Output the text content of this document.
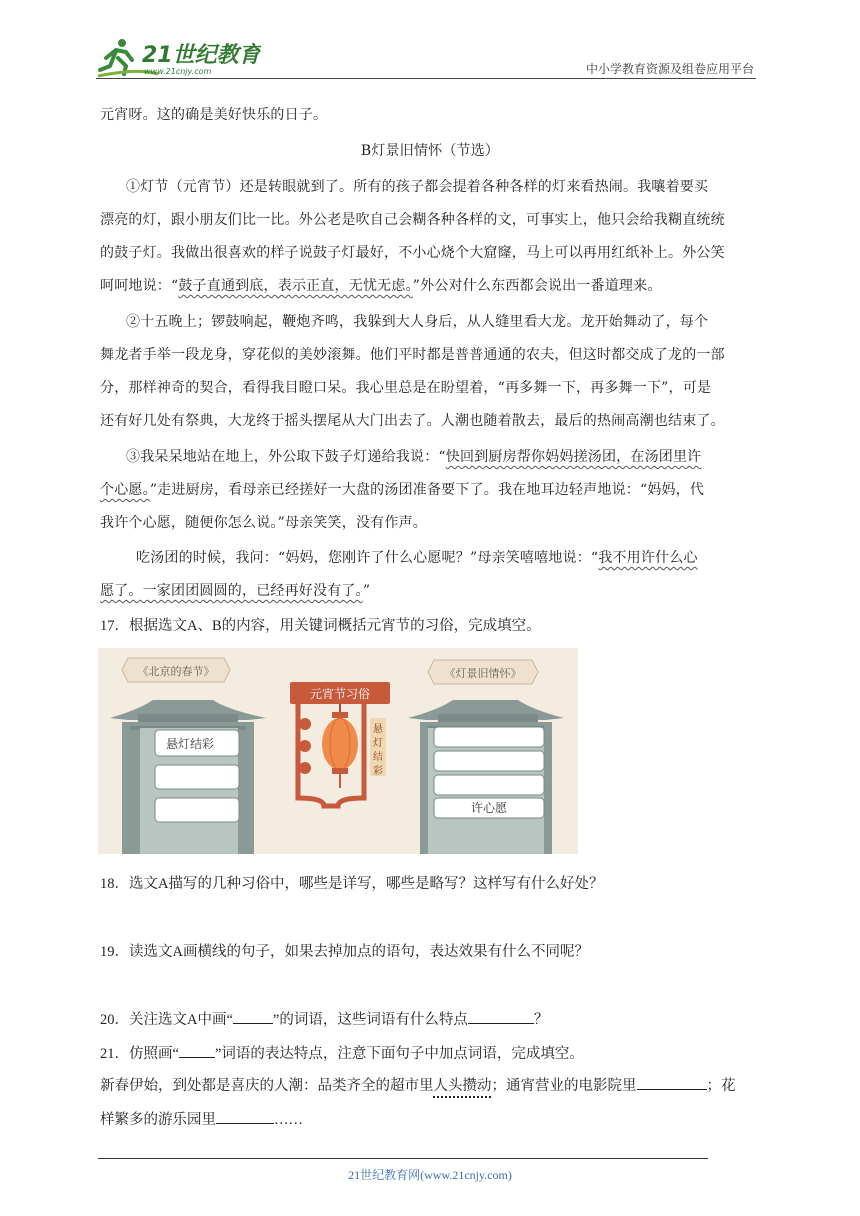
21世纪教育
www.21cnjy.com	中小学教育资源及组卷应用平台
元宵呀。这的确是美好快乐的日子。
B灯景旧情怀（节选）
①灯节（元宵节）还是转眼就到了。所有的孩子都会提着各种各样的灯来看热闹。我嚷着要买
漂亮的灯，跟小朋友们比一比。外公老是吹自己会糊各种各样的文，可事实上，他只会给我糊直统统
的鼓子灯。我做出很喜欢的样子说鼓子灯最好，不小心烧个大窟窿，马上可以再用红纸补上。外公笑
呵呵地说：“鼓子直通到底，表示正直，无忧无虑。”外公对什么东西都会说出一番道理来。
②十五晚上；锣鼓响起，鞭炮齐鸣，我躲到大人身后，从人缝里看大龙。龙开始舞动了，每个
舞龙者手举一段龙身，穿花似的美妙滚舞。他们平时都是普普通通的农夫，但这时都交成了龙的一部
分，那样神奇的契合，看得我目瞪口呆。我心里总是在盼望着，“再多舞一下，再多舞一下”，可是
还有好几处有祭典，大龙终于摇头摆尾从大门出去了。人潮也随着散去，最后的热闹高潮也结束了。
③我呆呆地站在地上，外公取下鼓子灯递给我说：“快回到厨房帮你妈妈搓汤团，在汤团里许
个心愿。”走进厨房，看母亲已经搓好一大盘的汤团准备要下了。我在地耳边轻声地说：“妈妈，代
我许个心愿，随便你怎么说。”母亲笑笑，没有作声。
吃汤团的时候，我问：“妈妈，您刚许了什么心愿呢？”母亲笑嘻嘻地说：“我不用许什么心
愿了。一家团团圆圆的，已经再好没有了。”
17．根据选文A、B的内容，用关键词概括元宵节的习俗，完成填空。
《北京的春节》
悬灯结彩
元宵节习俗
悬
灯
结
彩
《灯景旧情怀》
许心愿
18．选文A描写的几种习俗中，哪些是详写，哪些是略写？这样写有什么好处？
19．读选文A画横线的句子，如果去掉加点的语句，表达效果有什么不同呢？
20．关注选文A中画“	”的词语，这些词语有什么特点	？
21．仿照画“ ”词语的表达特点，注意下面句子中加点词语，完成填空。
新春伊始，到处都是喜庆的人潮：品类齐全的超市里人头攒动；通宵营业的电影院里	；花
样繁多的游乐园里	……
21世纪教育网(www.21cnjy.com)
